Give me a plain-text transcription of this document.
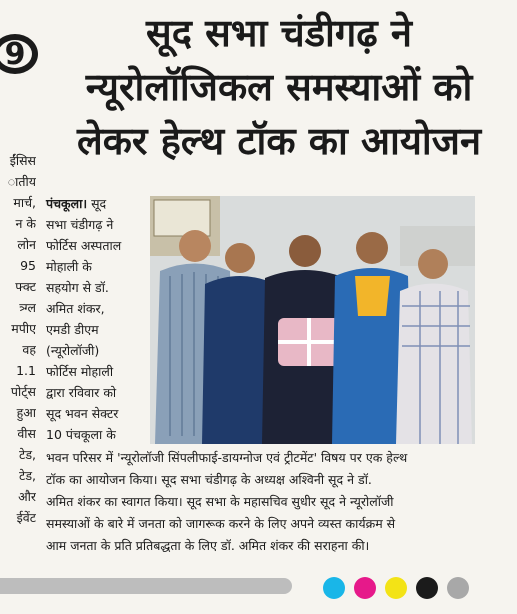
9	सूद सभा चंडीगढ़ ने
न्यूरोलॉजिकल समस्याओं को
लेकर हेल्थ टॉक का आयोजन
ईंसिस
ातीय
मार्च,
न के
लोन
95
फ्क्ट
त्र्ग्ल
मपीए
वह
1.1
पोर्ट्स
हुआ
वीस
टेड,
टेड,
और
ईवेंट
पंचकूला। सूद
सभा चंडीगढ़ ने
फोर्टिस अस्पताल
मोहाली के
सहयोग से डॉ.
अमित शंकर,
एमडी डीएम
(न्यूरोलॉजी)
फोर्टिस मोहाली
द्वारा रविवार को
सूद भवन सेक्टर
10 पंचकूला के
भवन परिसर में 'न्यूरोलॉजी सिंपलीफाई-डायग्नोज एवं ट्रीटमेंट' विषय पर एक हेल्थ
टॉक का आयोजन किया। सूद सभा चंडीगढ़ के अध्यक्ष अश्विनी सूद ने डॉ.
अमित शंकर का स्वागत किया। सूद सभा के महासचिव सुधीर सूद ने न्यूरोलॉजी
समस्याओं के बारे में जनता को जागरूक करने के लिए अपने व्यस्त कार्यक्रम से
आम जनता के प्रति प्रतिबद्धता के लिए डॉ. अमित शंकर की सराहना की।
